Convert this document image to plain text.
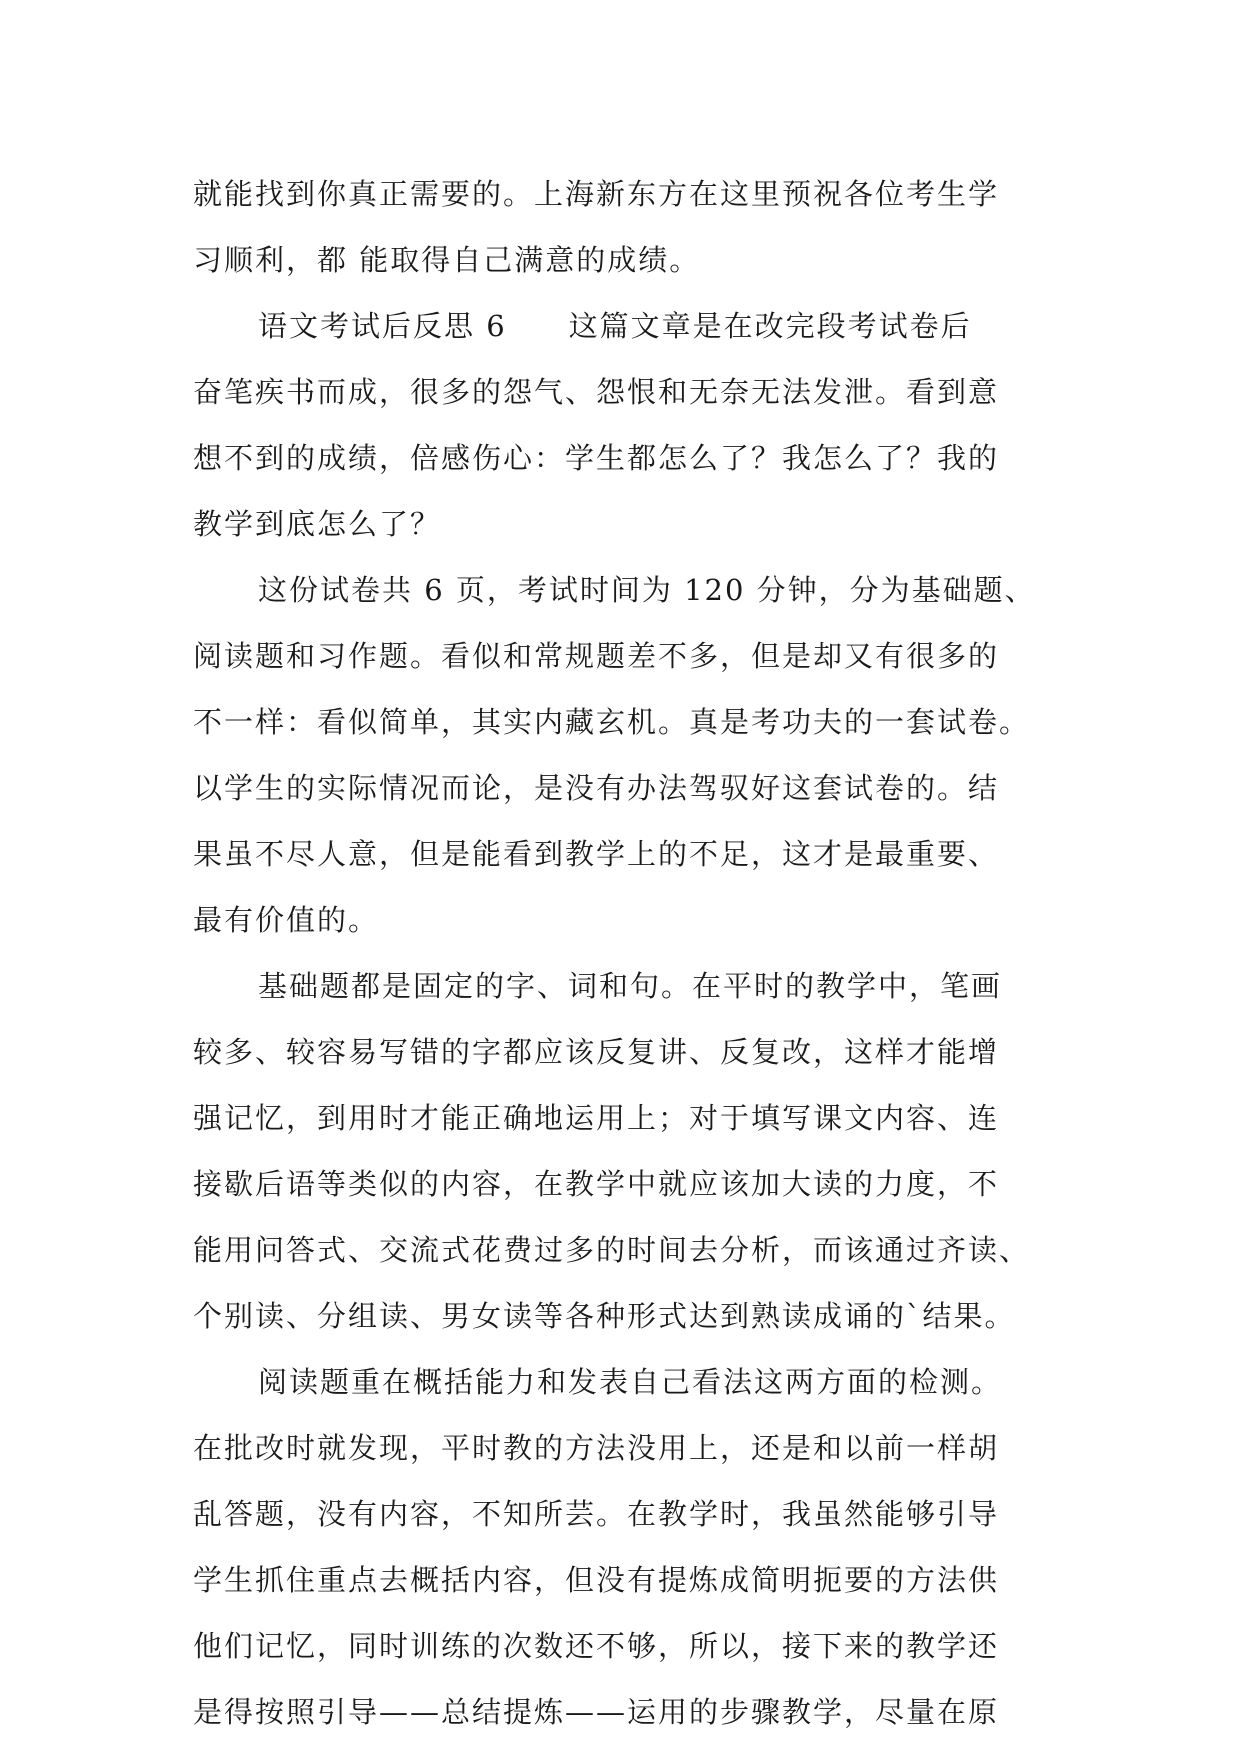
就能找到你真正需要的。上海新东方在这里预祝各位考生学
习顺利，都 能取得自己满意的成绩。
语文考试后反思 6　　这篇文章是在改完段考试卷后
奋笔疾书而成，很多的怨气、怨恨和无奈无法发泄。看到意
想不到的成绩，倍感伤心：学生都怎么了？我怎么了？我的
教学到底怎么了？
这份试卷共 6 页，考试时间为 120 分钟，分为基础题、
阅读题和习作题。看似和常规题差不多，但是却又有很多的
不一样：看似简单，其实内藏玄机。真是考功夫的一套试卷。
以学生的实际情况而论，是没有办法驾驭好这套试卷的。结
果虽不尽人意，但是能看到教学上的不足，这才是最重要、
最有价值的。
基础题都是固定的字、词和句。在平时的教学中，笔画
较多、较容易写错的字都应该反复讲、反复改，这样才能增
强记忆，到用时才能正确地运用上；对于填写课文内容、连
接歇后语等类似的内容，在教学中就应该加大读的力度，不
能用问答式、交流式花费过多的时间去分析，而该通过齐读、
个别读、分组读、男女读等各种形式达到熟读成诵的`结果。
阅读题重在概括能力和发表自己看法这两方面的检测。
在批改时就发现，平时教的方法没用上，还是和以前一样胡
乱答题，没有内容，不知所芸。在教学时，我虽然能够引导
学生抓住重点去概括内容，但没有提炼成简明扼要的方法供
他们记忆，同时训练的次数还不够，所以，接下来的教学还
是得按照引导——总结提炼——运用的步骤教学，尽量在原
